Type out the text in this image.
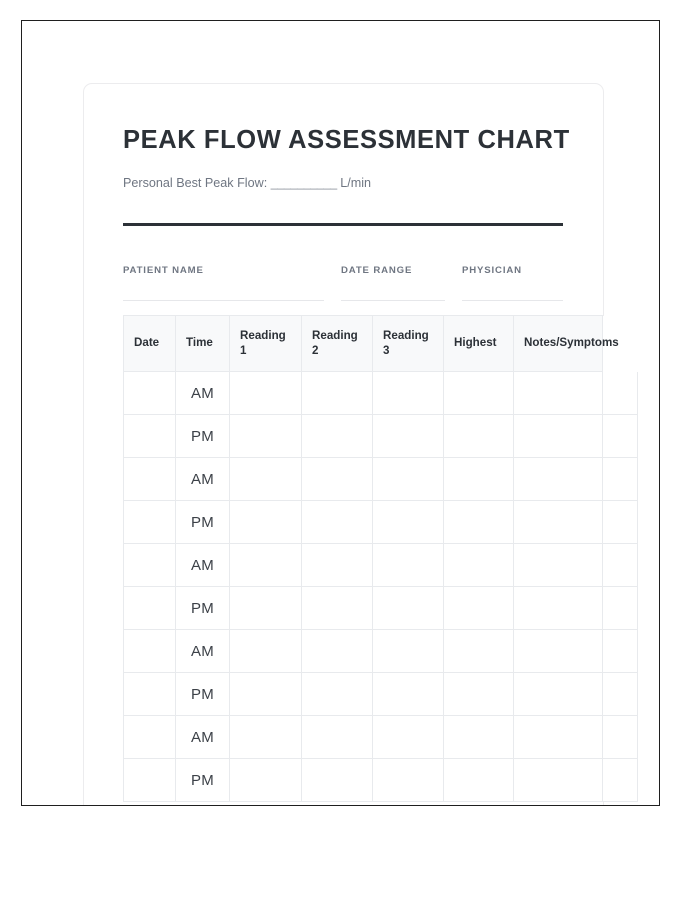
PEAK FLOW ASSESSMENT CHART
Personal Best Peak Flow: __________ L/min
PATIENT NAME	DATE RANGE	PHYSICIAN
Date	Time	Reading 1	Reading 2	Reading 3	Highest	Notes/Symptoms	
	AM						
	PM						
	AM						
	PM						
	AM						
	PM						
	AM						
	PM						
	AM						
	PM						
